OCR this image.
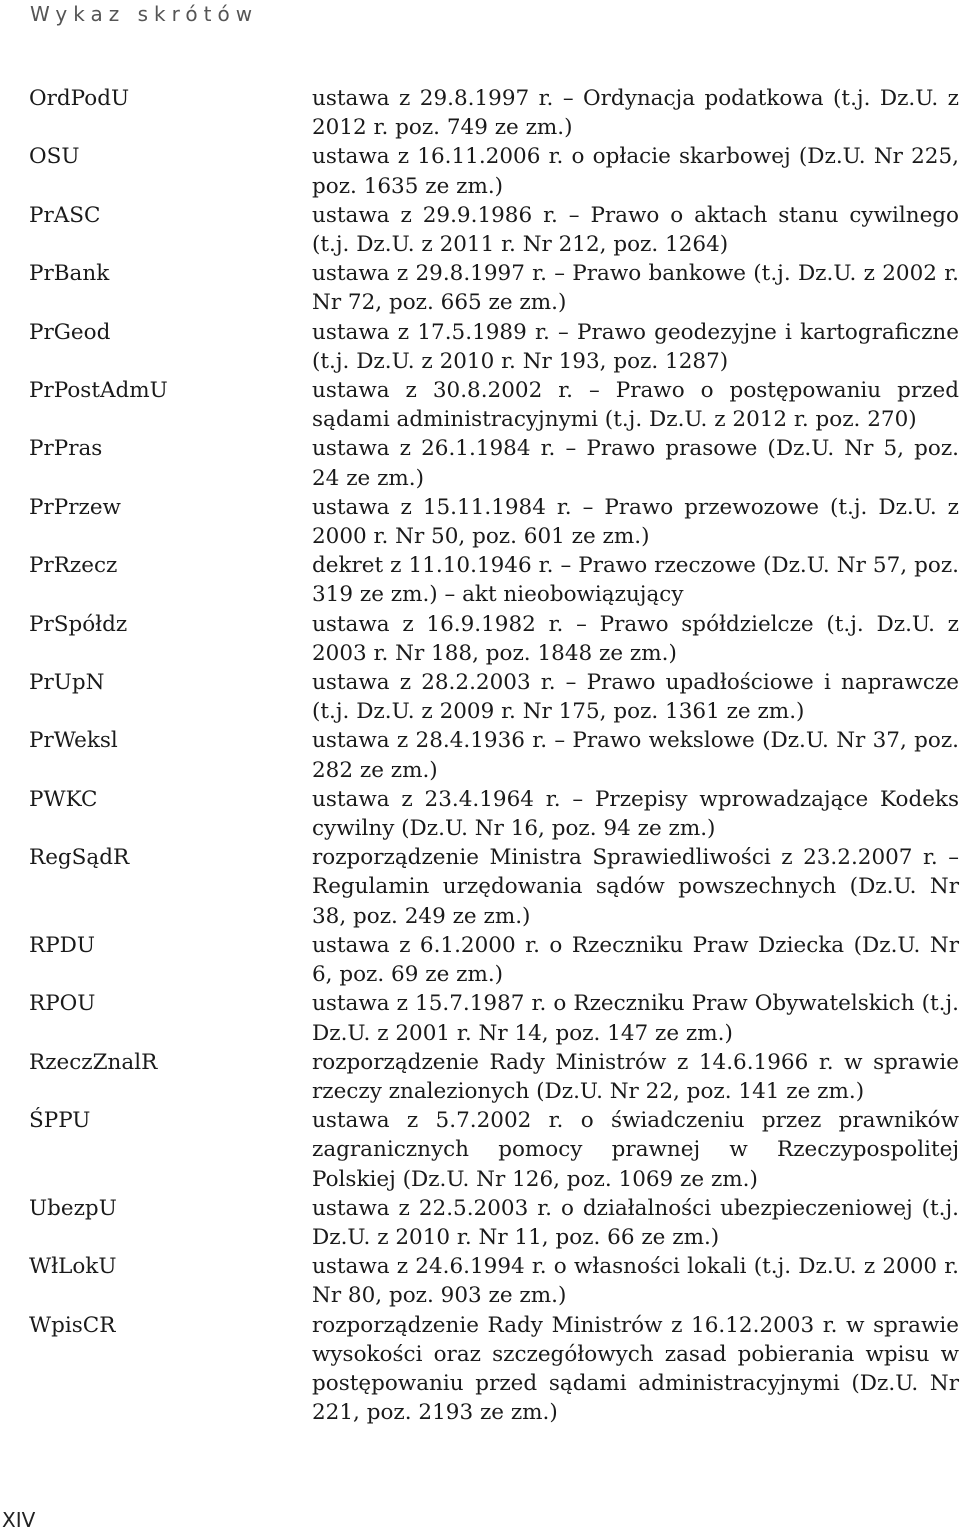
Wykaz skrótów
OrdPodU	ustawa z 29.8.1997 r. – Ordynacja podatkowa (t.j. Dz.U. z 2012 r. poz. 749 ze zm.)
OSU	ustawa z 16.11.2006 r. o opłacie skarbowej (Dz.U. Nr 225, poz. 1635 ze zm.)
PrASC	ustawa z 29.9.1986 r. – Prawo o aktach stanu cywilnego (t.j. Dz.U. z 2011 r. Nr 212, poz. 1264)
PrBank	ustawa z 29.8.1997 r. – Prawo bankowe (t.j. Dz.U. z 2002 r. Nr 72, poz. 665 ze zm.)
PrGeod	ustawa z 17.5.1989 r. – Prawo geodezyjne i kartograficzne (t.j. Dz.U. z 2010 r. Nr 193, poz. 1287)
PrPostAdmU	ustawa z 30.8.2002 r. – Prawo o postępowaniu przed sądami administracyjnymi (t.j. Dz.U. z 2012 r. poz. 270)
PrPras	ustawa z 26.1.1984 r. – Prawo prasowe (Dz.U. Nr 5, poz. 24 ze zm.)
PrPrzew	ustawa z 15.11.1984 r. – Prawo przewozowe (t.j. Dz.U. z 2000 r. Nr 50, poz. 601 ze zm.)
PrRzecz	dekret z 11.10.1946 r. – Prawo rzeczowe (Dz.U. Nr 57, poz. 319 ze zm.) – akt nieobowiązujący
PrSpółdz	ustawa z 16.9.1982 r. – Prawo spółdzielcze (t.j. Dz.U. z 2003 r. Nr 188, poz. 1848 ze zm.)
PrUpN	ustawa z 28.2.2003 r. – Prawo upadłościowe i naprawcze (t.j. Dz.U. z 2009 r. Nr 175, poz. 1361 ze zm.)
PrWeksl	ustawa z 28.4.1936 r. – Prawo wekslowe (Dz.U. Nr 37, poz. 282 ze zm.)
PWKC	ustawa z 23.4.1964 r. – Przepisy wprowadzające Kodeks cywilny (Dz.U. Nr 16, poz. 94 ze zm.)
RegSądR	rozporządzenie Ministra Sprawiedliwości z 23.2.2007 r. – Regulamin urzędowania sądów powszechnych (Dz.U. Nr 38, poz. 249 ze zm.)
RPDU	ustawa z 6.1.2000 r. o Rzeczniku Praw Dziecka (Dz.U. Nr 6, poz. 69 ze zm.)
RPOU	ustawa z 15.7.1987 r. o Rzeczniku Praw Obywatelskich (t.j. Dz.U. z 2001 r. Nr 14, poz. 147 ze zm.)
RzeczZnalR	rozporządzenie Rady Ministrów z 14.6.1966 r. w sprawie rzeczy znalezionych (Dz.U. Nr 22, poz. 141 ze zm.)
ŚPPU	ustawa z 5.7.2002 r. o świadczeniu przez prawników zagranicznych pomocy prawnej w Rzeczypospolitej Polskiej (Dz.U. Nr 126, poz. 1069 ze zm.)
UbezpU	ustawa z 22.5.2003 r. o działalności ubezpieczeniowej (t.j. Dz.U. z 2010 r. Nr 11, poz. 66 ze zm.)
WłLokU	ustawa z 24.6.1994 r. o własności lokali (t.j. Dz.U. z 2000 r. Nr 80, poz. 903 ze zm.)
WpisCR	rozporządzenie Rady Ministrów z 16.12.2003 r. w sprawie wysokości oraz szczegółowych zasad pobierania wpisu w postępowaniu przed sądami administracyjnymi (Dz.U. Nr 221, poz. 2193 ze zm.)
XIV
